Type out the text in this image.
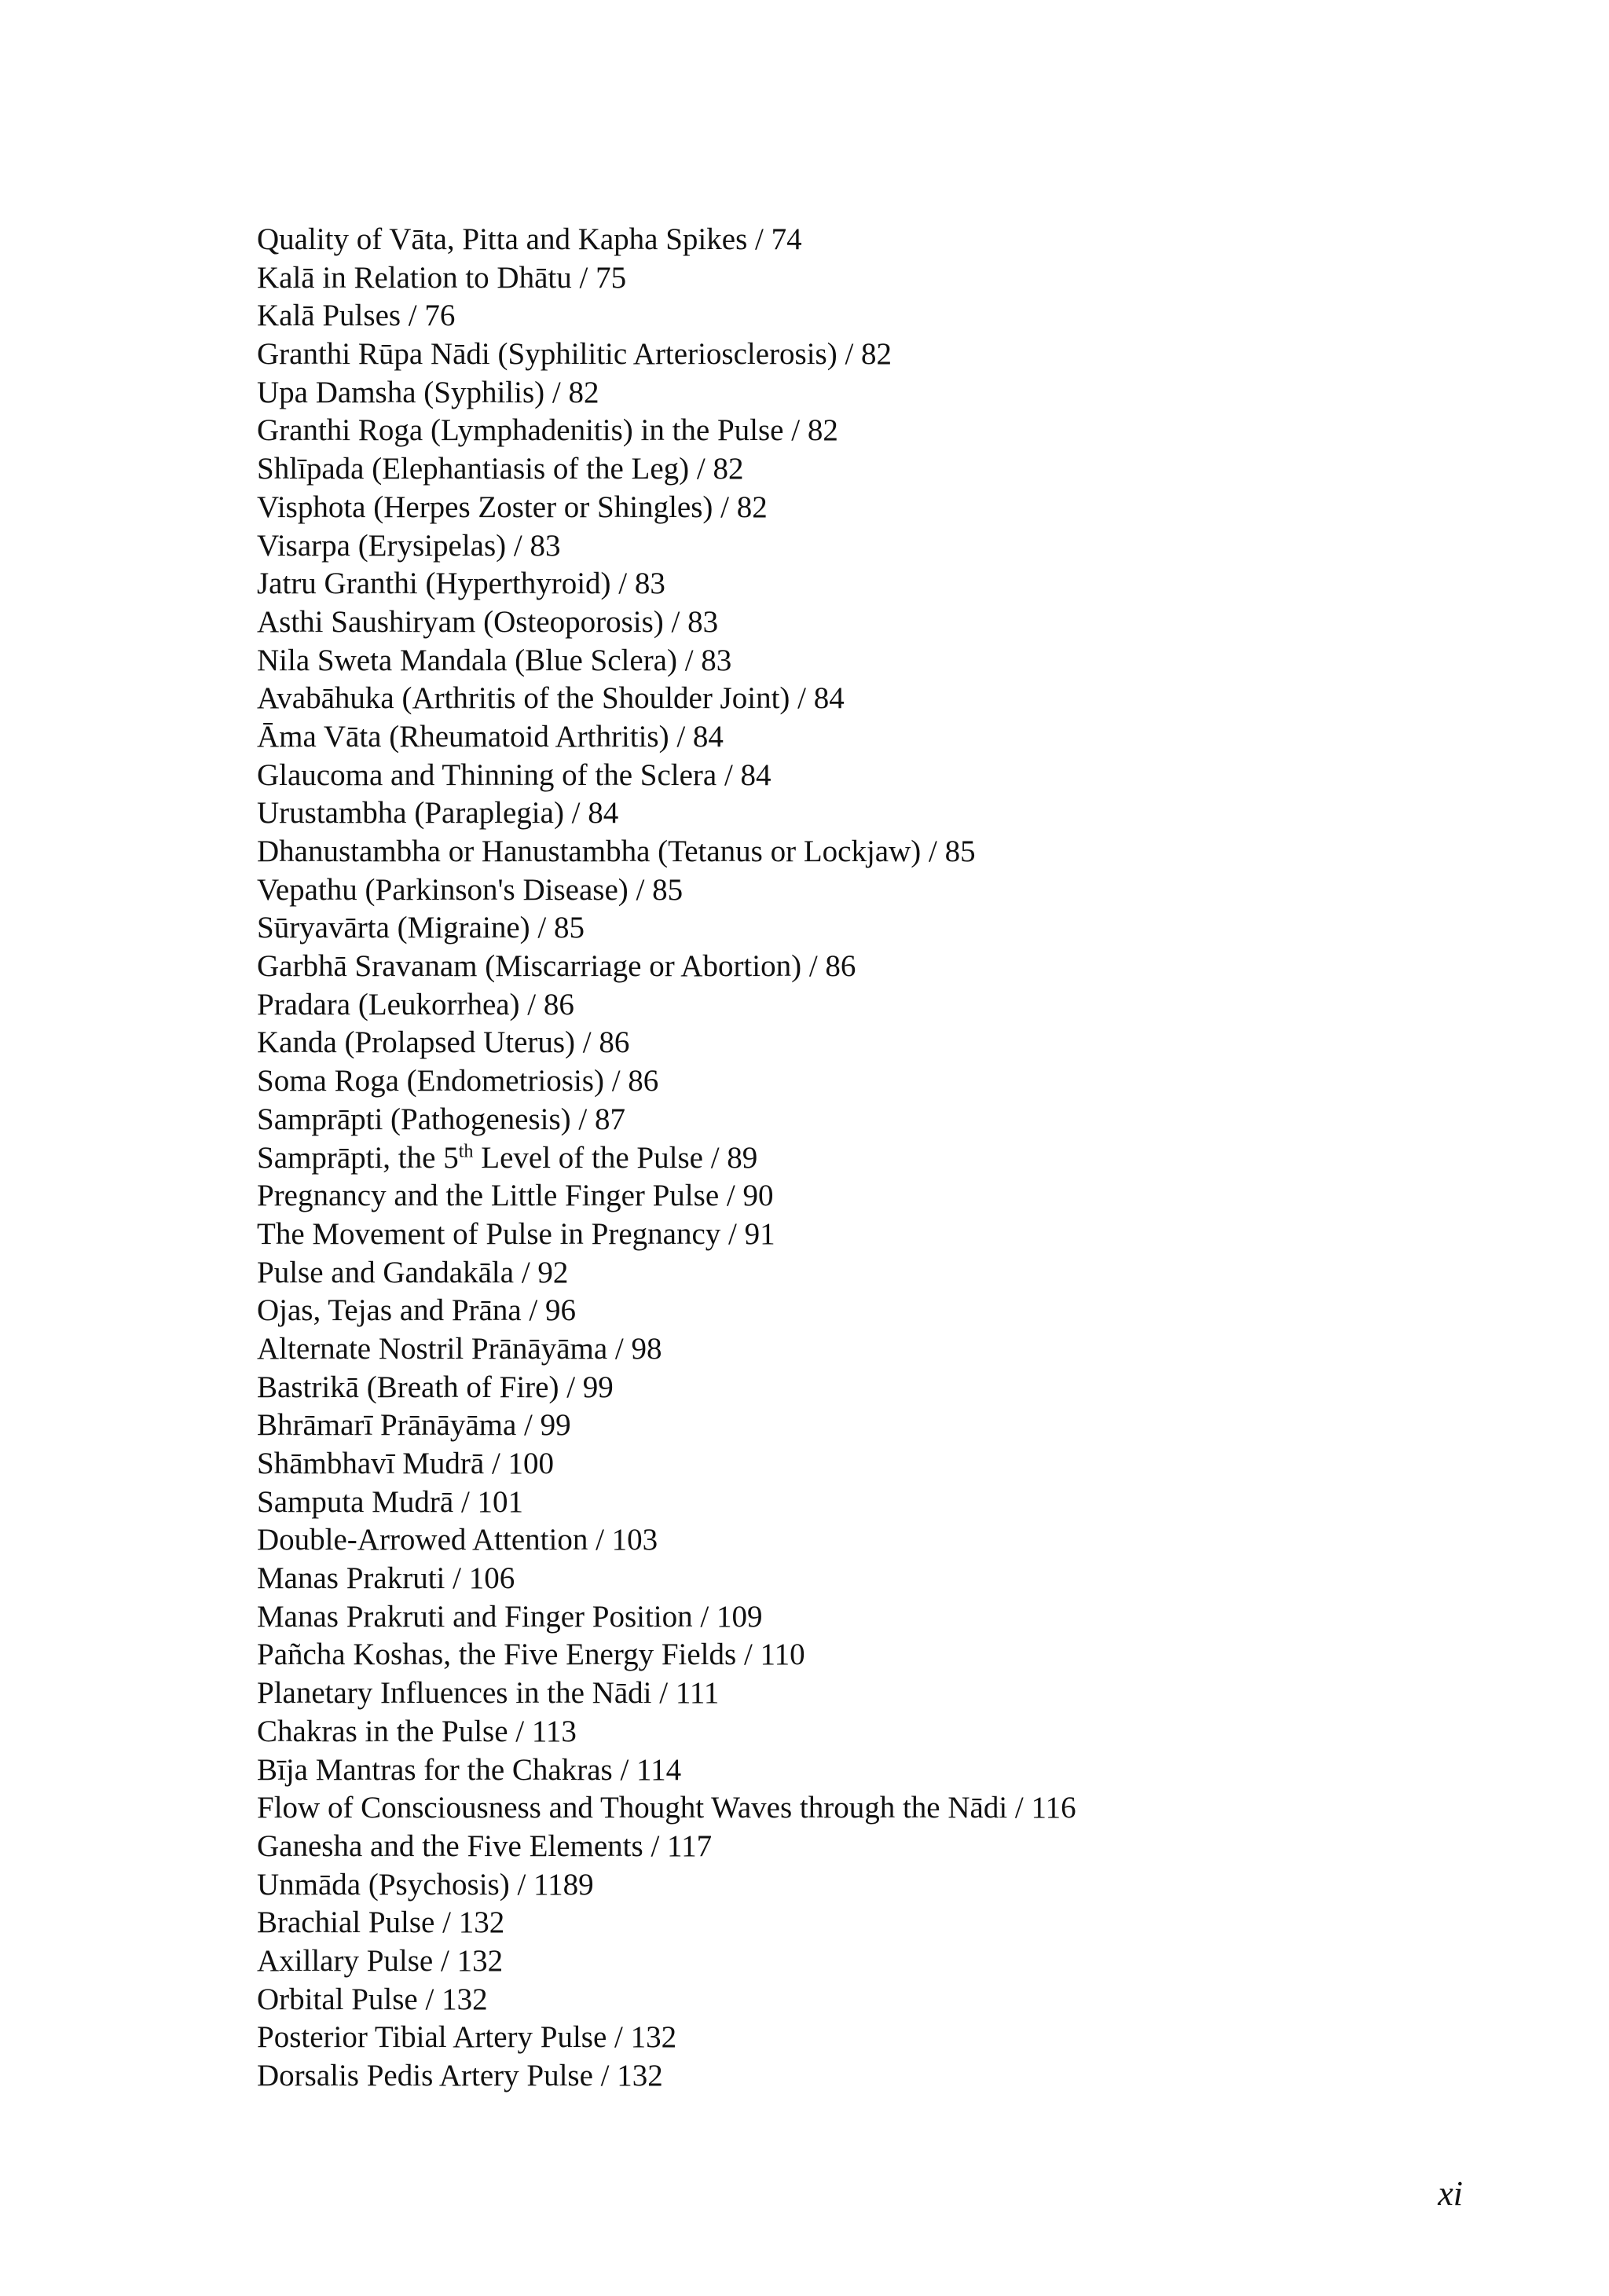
Quality of Vāta, Pitta and Kapha Spikes / 74
Kalā in Relation to Dhātu / 75
Kalā Pulses / 76
Granthi Rūpa Nādi (Syphilitic Arteriosclerosis) / 82
Upa Damsha (Syphilis) / 82
Granthi Roga (Lymphadenitis) in the Pulse / 82
Shlīpada (Elephantiasis of the Leg) / 82
Visphota (Herpes Zoster or Shingles) / 82
Visarpa (Erysipelas) / 83
Jatru Granthi (Hyperthyroid) / 83
Asthi Saushiryam (Osteoporosis) / 83
Nila Sweta Mandala (Blue Sclera) / 83
Avabāhuka (Arthritis of the Shoulder Joint) / 84
Āma Vāta (Rheumatoid Arthritis) / 84
Glaucoma and Thinning of the Sclera / 84
Urustambha (Paraplegia) / 84
Dhanustambha or Hanustambha (Tetanus or Lockjaw) / 85
Vepathu (Parkinson's Disease) / 85
Sūryavārta (Migraine) / 85
Garbhā Sravanam (Miscarriage or Abortion) / 86
Pradara (Leukorrhea) / 86
Kanda (Prolapsed Uterus) / 86
Soma Roga (Endometriosis) / 86
Samprāpti (Pathogenesis) / 87
Samprāpti, the 5th Level of the Pulse / 89
Pregnancy and the Little Finger Pulse / 90
The Movement of Pulse in Pregnancy / 91
Pulse and Gandakāla / 92
Ojas, Tejas and Prāna / 96
Alternate Nostril Prānāyāma / 98
Bastrikā (Breath of Fire) / 99
Bhrāmarī Prānāyāma / 99
Shāmbhavī Mudrā / 100
Samputa Mudrā / 101
Double-Arrowed Attention / 103
Manas Prakruti / 106
Manas Prakruti and Finger Position / 109
Pañcha Koshas, the Five Energy Fields / 110
Planetary Influences in the Nādi / 111
Chakras in the Pulse / 113
Bīja Mantras for the Chakras / 114
Flow of Consciousness and Thought Waves through the Nādi / 116
Ganesha and the Five Elements / 117
Unmāda (Psychosis) / 1189
Brachial Pulse / 132
Axillary Pulse / 132
Orbital Pulse / 132
Posterior Tibial Artery Pulse / 132
Dorsalis Pedis Artery Pulse / 132
xi
